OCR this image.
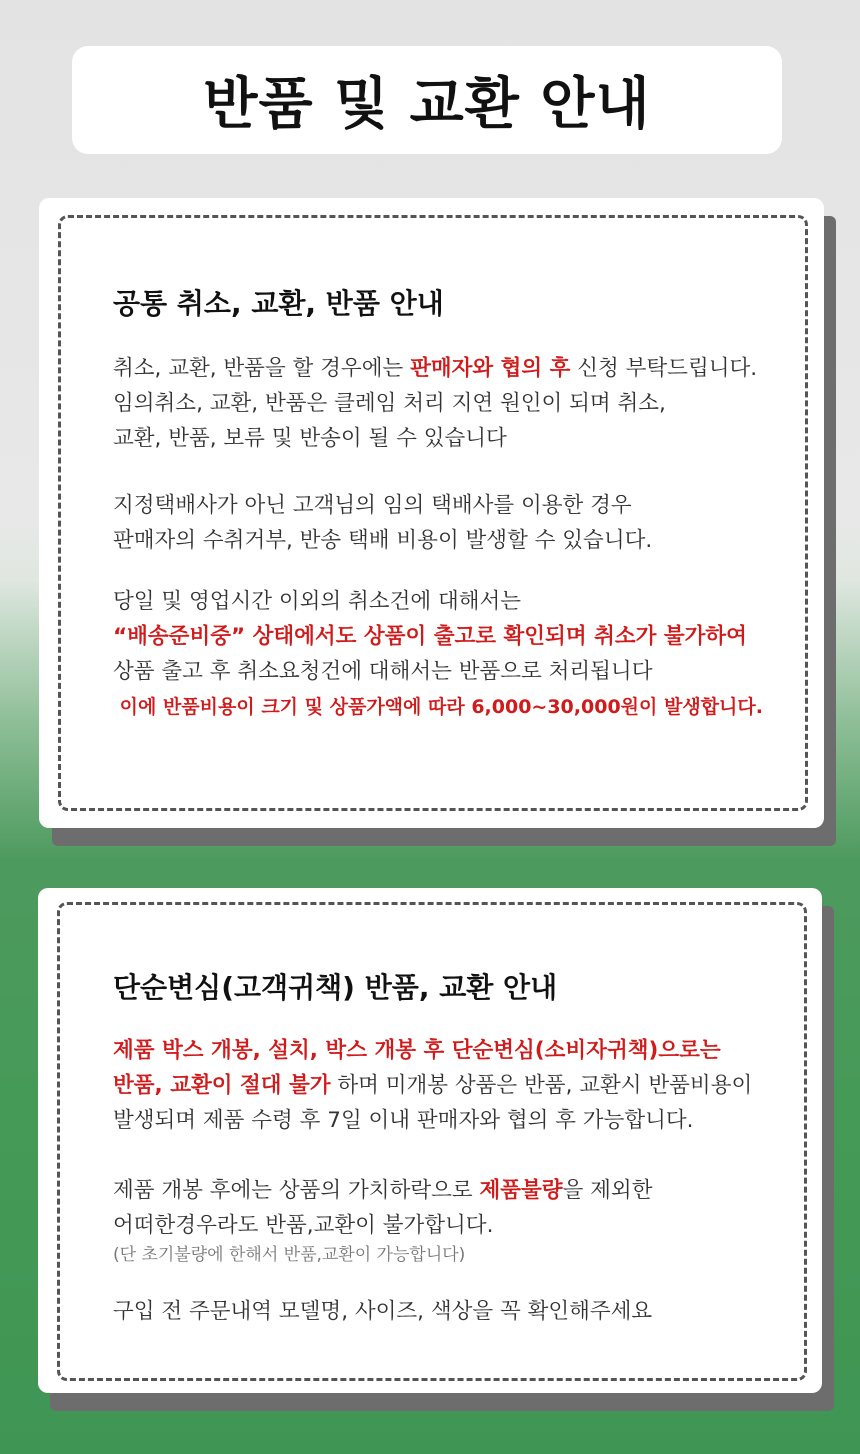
반품 및 교환 안내
공통 취소, 교환, 반품 안내
취소, 교환, 반품을 할 경우에는 판매자와 협의 후 신청 부탁드립니다.
임의취소, 교환, 반품은 클레임 처리 지연 원인이 되며 취소,
교환, 반품, 보류 및 반송이 될 수 있습니다
지정택배사가 아닌 고객님의 임의 택배사를 이용한 경우
판매자의 수취거부, 반송 택배 비용이 발생할 수 있습니다.
당일 및 영업시간 이외의 취소건에 대해서는
“배송준비중” 상태에서도 상품이 출고로 확인되며 취소가 불가하여
상품 출고 후 취소요청건에 대해서는 반품으로 처리됩니다
이에 반품비용이 크기 및 상품가액에 따라 6,000~30,000원이 발생합니다.
단순변심(고객귀책) 반품, 교환 안내
제품 박스 개봉, 설치, 박스 개봉 후 단순변심(소비자귀책)으로는
반품, 교환이 절대 불가 하며 미개봉 상품은 반품, 교환시 반품비용이
발생되며 제품 수령 후 7일 이내 판매자와 협의 후 가능합니다.
제품 개봉 후에는 상품의 가치하락으로 제품불량을 제외한
어떠한경우라도 반품,교환이 불가합니다.
(단 초기불량에 한해서 반품,교환이 가능합니다)
구입 전 주문내역 모델명, 사이즈, 색상을 꼭 확인해주세요
